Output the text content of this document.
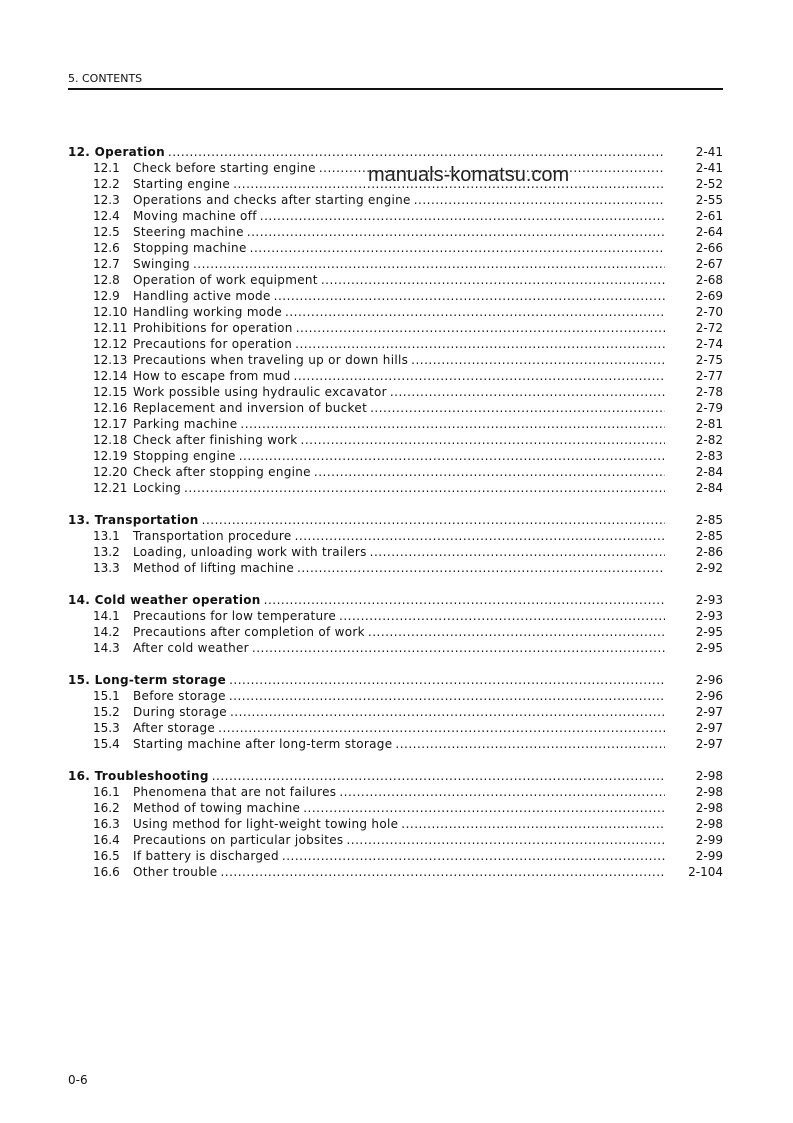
5. CONTENTS
12. Operation .....	2-41
12.1	Check before starting engine .....	2-41
12.2	Starting engine .....	2-52
12.3	Operations and checks after starting engine .....	2-55
12.4	Moving machine off .....	2-61
12.5	Steering machine .....	2-64
12.6	Stopping machine .....	2-66
12.7	Swinging .....	2-67
12.8	Operation of work equipment .....	2-68
12.9	Handling active mode .....	2-69
12.10 Handling working mode .....	2-70
12.11 Prohibitions for operation .....	2-72
12.12 Precautions for operation .....	2-74
12.13 Precautions when traveling up or down hills .....	2-75
12.14 How to escape from mud .....	2-77
12.15 Work possible using hydraulic excavator .....	2-78
12.16 Replacement and inversion of bucket .....	2-79
12.17 Parking machine .....	2-81
12.18 Check after finishing work .....	2-82
12.19 Stopping engine .....	2-83
12.20 Check after stopping engine .....	2-84
12.21 Locking .....	2-84
13. Transportation .....	2-85
13.1	Transportation procedure .....	2-85
13.2	Loading, unloading work with trailers .....	2-86
13.3	Method of lifting machine .....	2-92
14. Cold weather operation .....	2-93
14.1	Precautions for low temperature .....	2-93
14.2	Precautions after completion of work .....	2-95
14.3	After cold weather .....	2-95
15. Long-term storage .....	2-96
15.1	Before storage .....	2-96
15.2	During storage .....	2-97
15.3	After storage .....	2-97
15.4	Starting machine after long-term storage .....	2-97
16. Troubleshooting .....	2-98
16.1	Phenomena that are not failures .....	2-98
16.2	Method of towing machine .....	2-98
16.3	Using method for light-weight towing hole .....	2-98
16.4	Precautions on particular jobsites .....	2-99
16.5	If battery is discharged .....	2-99
16.6	Other trouble .....	2-104
manuals-komatsu.com
0-6
